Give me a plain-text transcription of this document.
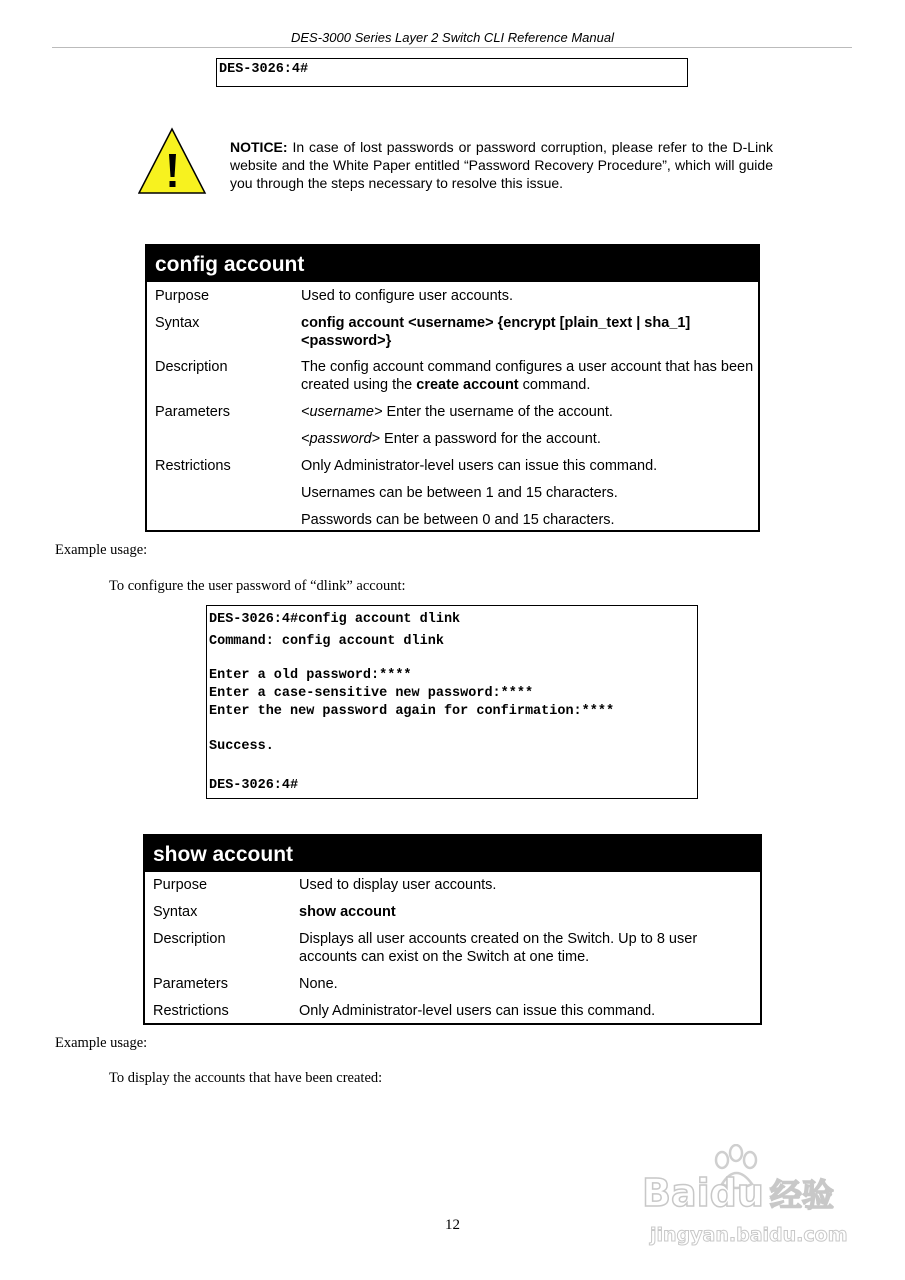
DES-3000 Series Layer 2 Switch CLI Reference Manual
DES-3026:4#
NOTICE: In case of lost passwords or password corruption, please refer to the D-Link website and the White Paper entitled “Password Recovery Procedure”, which will guide you through the steps necessary to resolve this issue.
config account
Purpose	Used to configure user accounts.
Syntax	config account <username> {encrypt [plain_text | sha_1] <password>}
Description	The config account command configures a user account that has been created using the create account command.
Parameters	<username> Enter the username of the account.
	<password> Enter a password for the account.
Restrictions	Only Administrator-level users can issue this command.
	Usernames can be between 1 and 15 characters.
	Passwords can be between 0 and 15 characters.
Example usage:
To configure the user password of “dlink” account:
DES-3026:4#config account dlink
Command: config account dlink
Enter a old password:****
Enter a case-sensitive new password:****
Enter the new password again for confirmation:****
Success.
DES-3026:4#
show account
Purpose	Used to display user accounts.
Syntax	show account
Description	Displays all user accounts created on the Switch. Up to 8 user accounts can exist on the Switch at one time.
Parameters	None.
Restrictions	Only Administrator-level users can issue this command.
Example usage:
To display the accounts that have been created:
12
Baidu 经验
jingyan.baidu.com
